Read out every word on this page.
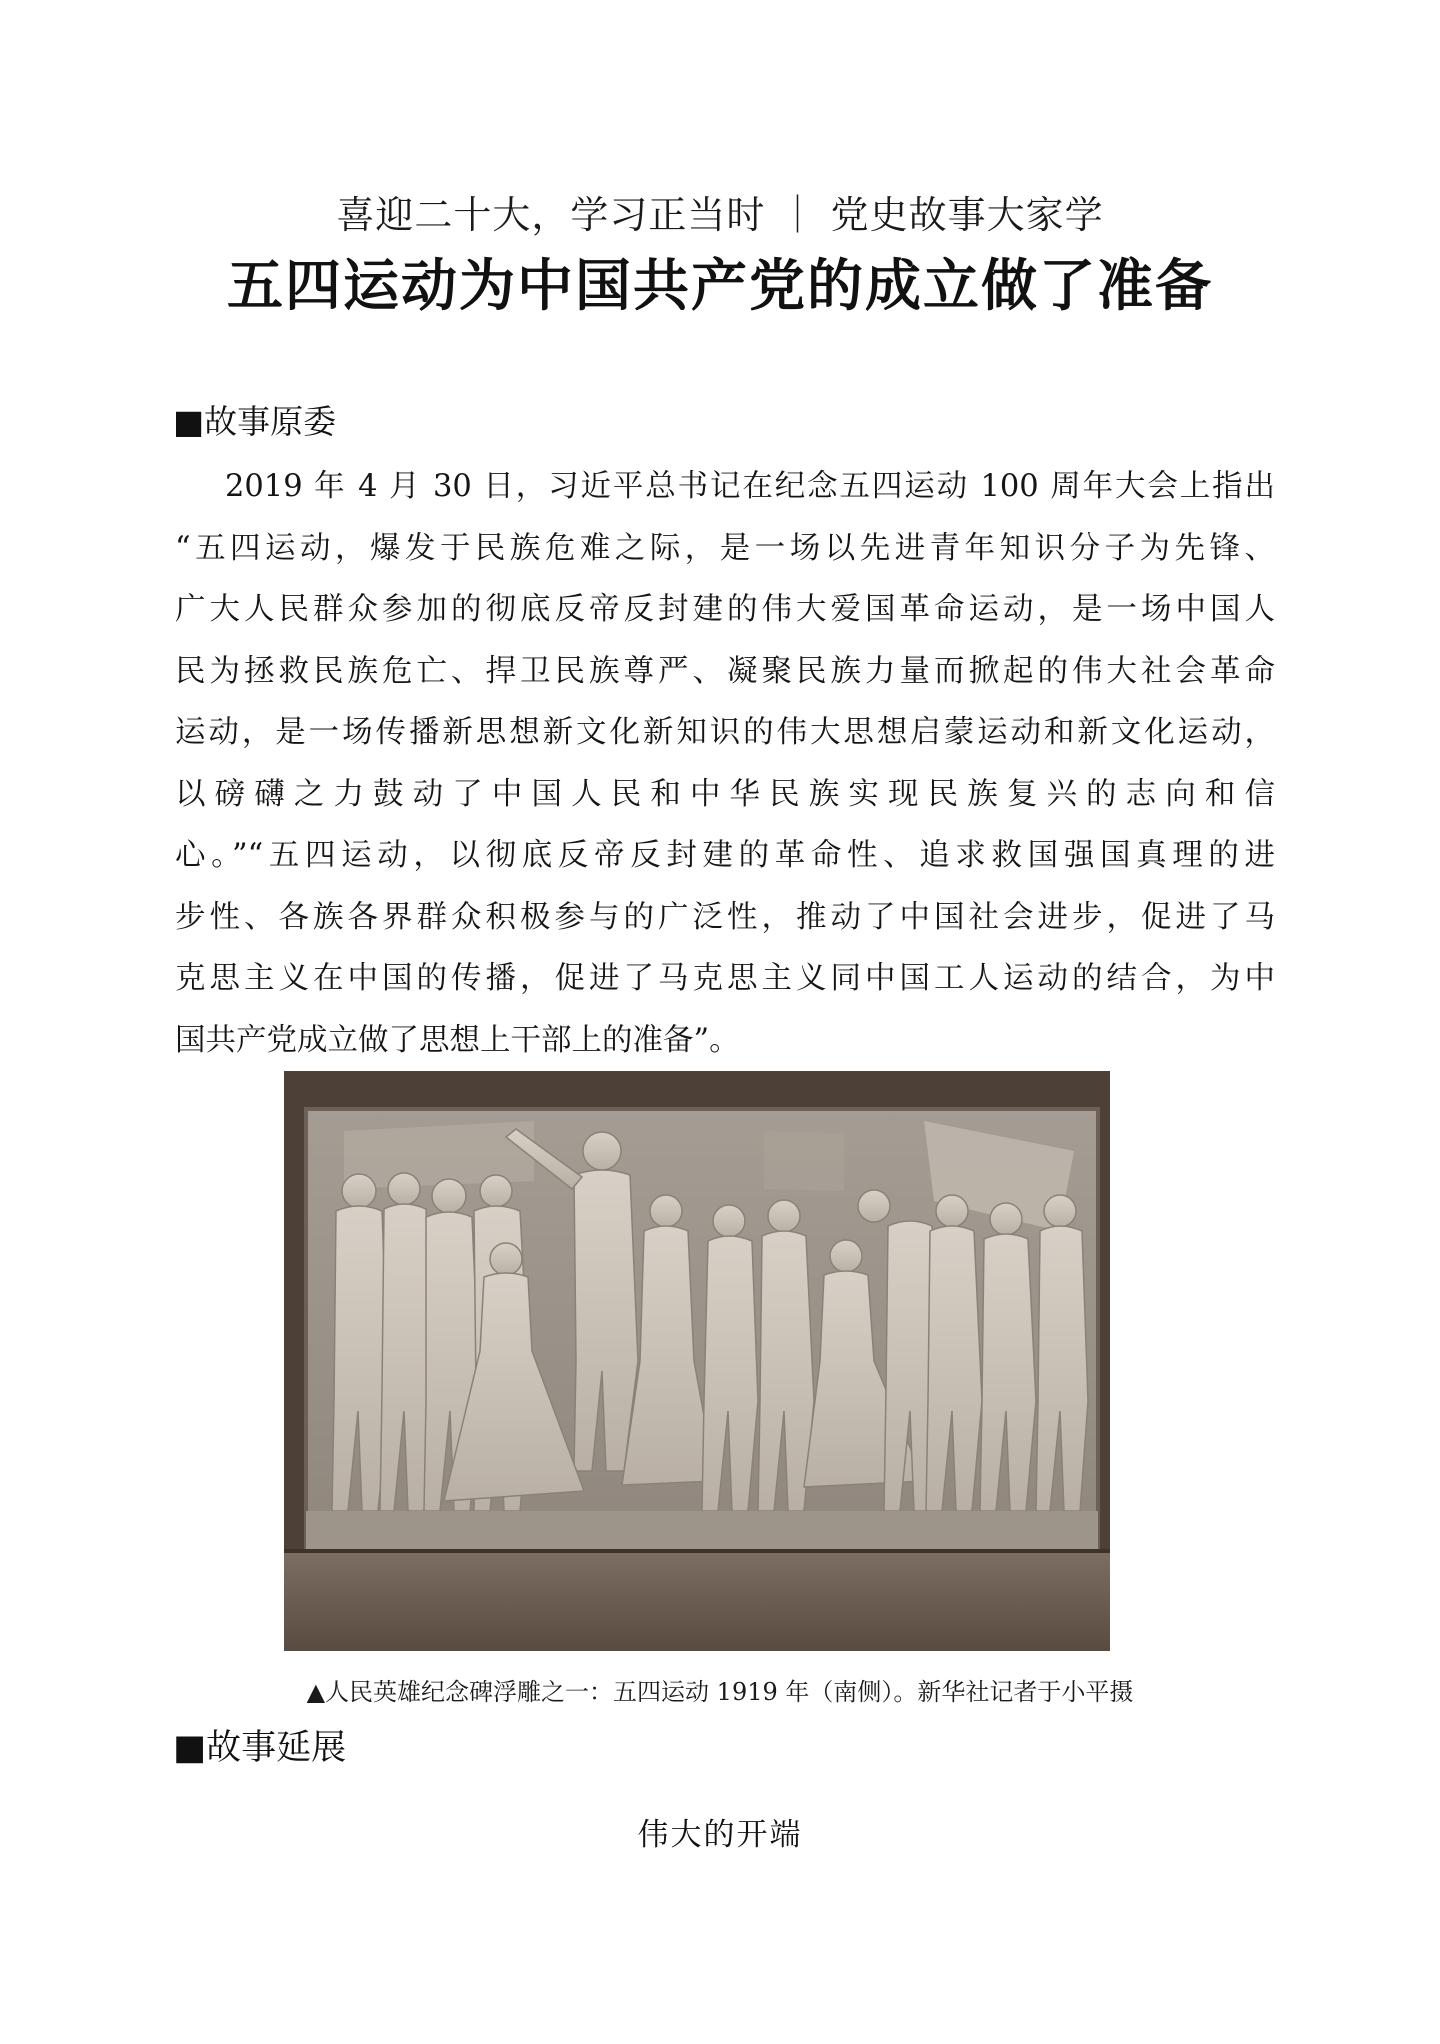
喜迎二十大，学习正当时 ｜ 党史故事大家学
五四运动为中国共产党的成立做了准备
■故事原委
2019 年 4 月 30 日，习近平总书记在纪念五四运动 100 周年大会上指出
“五四运动，爆发于民族危难之际，是一场以先进青年知识分子为先锋、
广大人民群众参加的彻底反帝反封建的伟大爱国革命运动，是一场中国人
民为拯救民族危亡、捍卫民族尊严、凝聚民族力量而掀起的伟大社会革命
运动，是一场传播新思想新文化新知识的伟大思想启蒙运动和新文化运动，
以磅礴之力鼓动了中国人民和中华民族实现民族复兴的志向和信
心。”“五四运动，以彻底反帝反封建的革命性、追求救国强国真理的进
步性、各族各界群众积极参与的广泛性，推动了中国社会进步，促进了马
克思主义在中国的传播，促进了马克思主义同中国工人运动的结合，为中
国共产党成立做了思想上干部上的准备”。
▲人民英雄纪念碑浮雕之一：五四运动 1919 年（南侧）。新华社记者于小平摄
■故事延展
伟大的开端
